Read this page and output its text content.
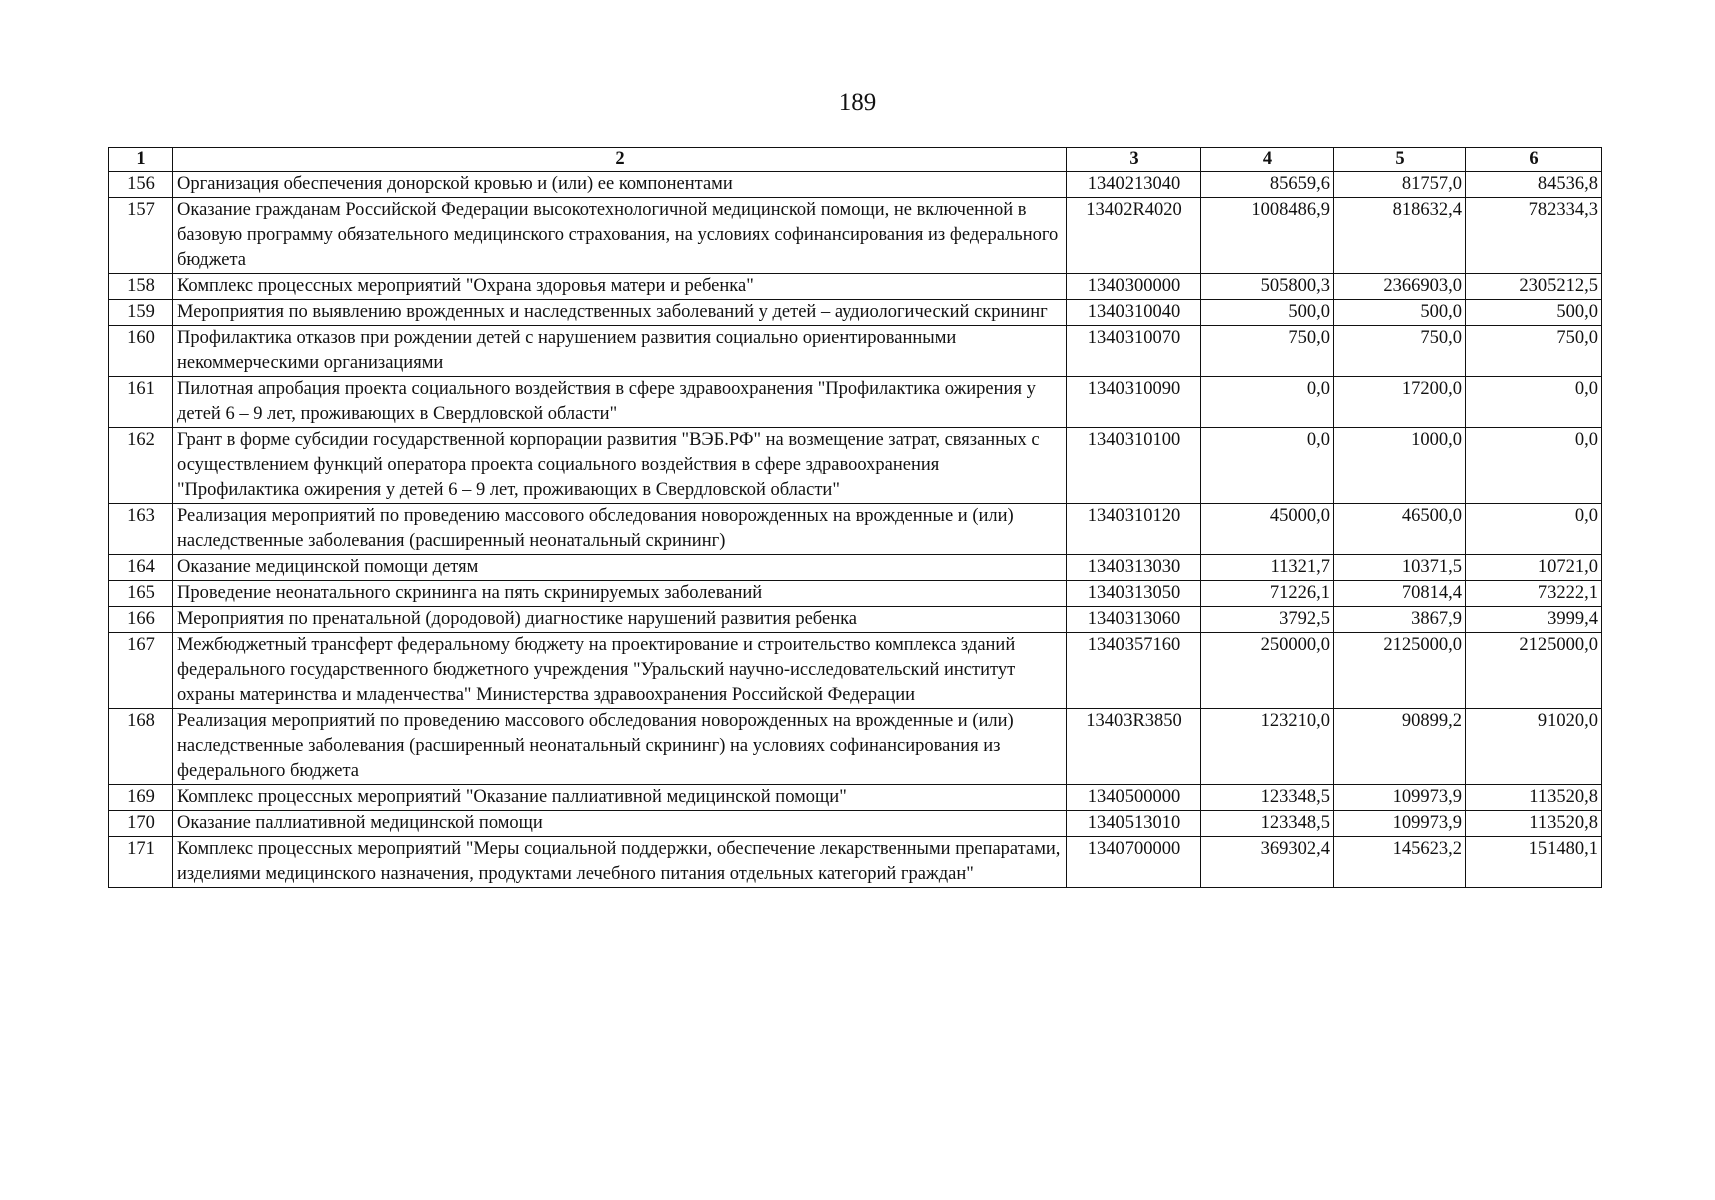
189
1	2	3	4	5	6
156	Организация обеспечения донорской кровью и (или) ее компонентами	1340213040	85659,6	81757,0	84536,8
157	Оказание гражданам Российской Федерации высокотехнологичной медицинской помощи, не включенной в базовую программу обязательного медицинского страхования, на условиях софинансирования из федерального бюджета	13402R4020	1008486,9	818632,4	782334,3
158	Комплекс процессных мероприятий "Охрана здоровья матери и ребенка"	1340300000	505800,3	2366903,0	2305212,5
159	Мероприятия по выявлению врожденных и наследственных заболеваний у детей – аудиологический скрининг	1340310040	500,0	500,0	500,0
160	Профилактика отказов при рождении детей с нарушением развития социально ориентированными некоммерческими организациями	1340310070	750,0	750,0	750,0
161	Пилотная апробация проекта социального воздействия в сфере здравоохранения "Профилактика ожирения у детей 6 – 9 лет, проживающих в Свердловской области"	1340310090	0,0	17200,0	0,0
162	Грант в форме субсидии государственной корпорации развития "ВЭБ.РФ" на возмещение затрат, связанных с осуществлением функций оператора проекта социального воздействия в сфере здравоохранения "Профилактика ожирения у детей 6 – 9 лет, проживающих в Свердловской области"	1340310100	0,0	1000,0	0,0
163	Реализация мероприятий по проведению массового обследования новорожденных на врожденные и (или) наследственные заболевания (расширенный неонатальный скрининг)	1340310120	45000,0	46500,0	0,0
164	Оказание медицинской помощи детям	1340313030	11321,7	10371,5	10721,0
165	Проведение неонатального скрининга на пять скринируемых заболеваний	1340313050	71226,1	70814,4	73222,1
166	Мероприятия по пренатальной (дородовой) диагностике нарушений развития ребенка	1340313060	3792,5	3867,9	3999,4
167	Межбюджетный трансферт федеральному бюджету на проектирование и строительство комплекса зданий федерального государственного бюджетного учреждения "Уральский научно-исследовательский институт охраны материнства и младенчества" Министерства здравоохранения Российской Федерации	1340357160	250000,0	2125000,0	2125000,0
168	Реализация мероприятий по проведению массового обследования новорожденных на врожденные и (или) наследственные заболевания (расширенный неонатальный скрининг) на условиях софинансирования из федерального бюджета	13403R3850	123210,0	90899,2	91020,0
169	Комплекс процессных мероприятий "Оказание паллиативной медицинской помощи"	1340500000	123348,5	109973,9	113520,8
170	Оказание паллиативной медицинской помощи	1340513010	123348,5	109973,9	113520,8
171	Комплекс процессных мероприятий "Меры социальной поддержки, обеспечение лекарственными препаратами, изделиями медицинского назначения, продуктами лечебного питания отдельных категорий граждан"	1340700000	369302,4	145623,2	151480,1
